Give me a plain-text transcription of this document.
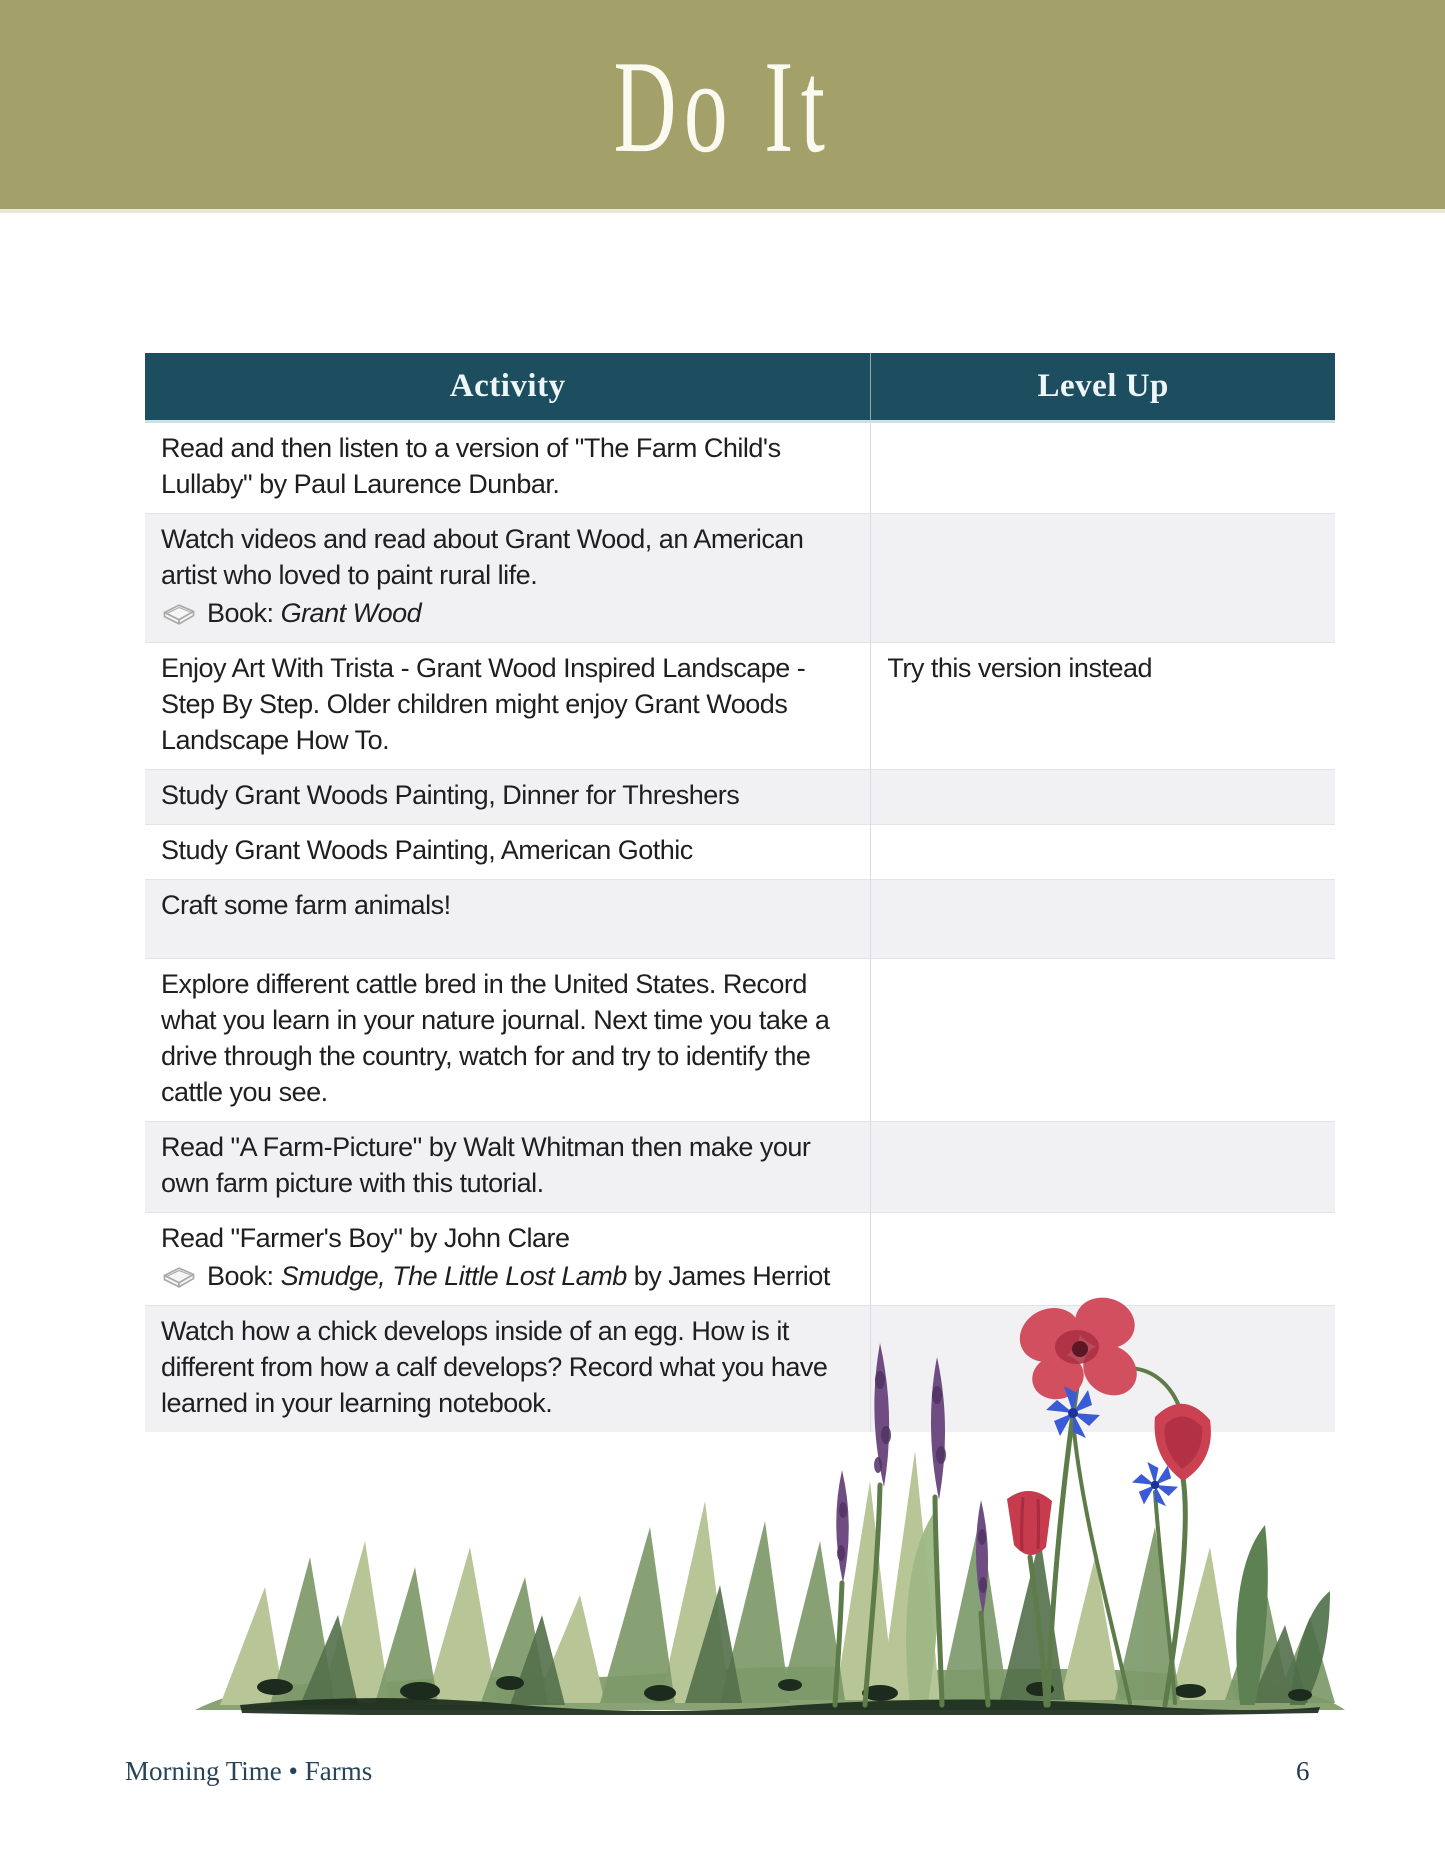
Do It
Activity	Level Up
Read and then listen to a version of "The Farm Child's Lullaby" by Paul Laurence Dunbar.	
Watch videos and read about Grant Wood, an American artist who loved to paint rural life.
Book: Grant Wood	

Enjoy Art With Trista - Grant Wood Inspired Landscape - Step By Step. Older children might enjoy Grant Woods Landscape How To.	Try this version instead
Study Grant Woods Painting, Dinner for Threshers	
Study Grant Woods Painting, American Gothic	
Craft some farm animals!	
Explore different cattle bred in the United States. Record what you learn in your nature journal. Next time you take a drive through the country, watch for and try to identify the cattle you see.	
Read "A Farm-Picture" by Walt Whitman then make your own farm picture with this tutorial.	
Read "Farmer's Boy" by John Clare
Book: Smudge, The Little Lost Lamb by James Herriot	

Watch how a chick develops inside of an egg. How is it different from how a calf develops? Record what you have learned in your learning notebook.	
Morning Time • Farms	6
